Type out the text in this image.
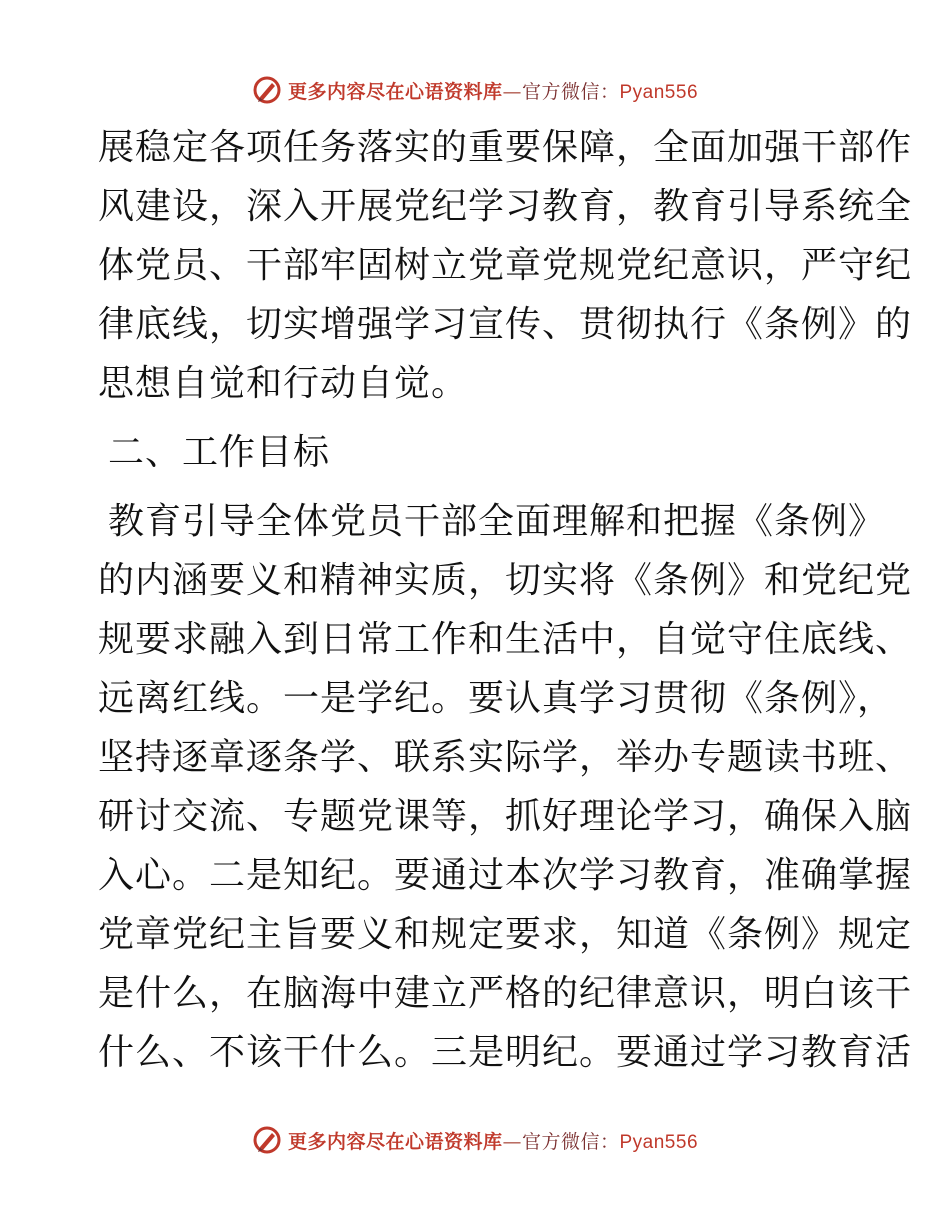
更多内容尽在心语资料库—官方微信：Pyan556
展稳定各项任务落实的重要保障，全面加强干部作
风建设，深入开展党纪学习教育，教育引导系统全
体党员、干部牢固树立党章党规党纪意识，严守纪
律底线，切实增强学习宣传、贯彻执行《条例》的
思想自觉和行动自觉。
二、工作目标
教育引导全体党员干部全面理解和把握《条例》
的内涵要义和精神实质，切实将《条例》和党纪党
规要求融入到日常工作和生活中，自觉守住底线、
远离红线。一是学纪。要认真学习贯彻《条例》，
坚持逐章逐条学、联系实际学，举办专题读书班、
研讨交流、专题党课等，抓好理论学习，确保入脑
入心。二是知纪。要通过本次学习教育，准确掌握
党章党纪主旨要义和规定要求，知道《条例》规定
是什么，在脑海中建立严格的纪律意识，明白该干
什么、不该干什么。三是明纪。要通过学习教育活
更多内容尽在心语资料库—官方微信：Pyan556
